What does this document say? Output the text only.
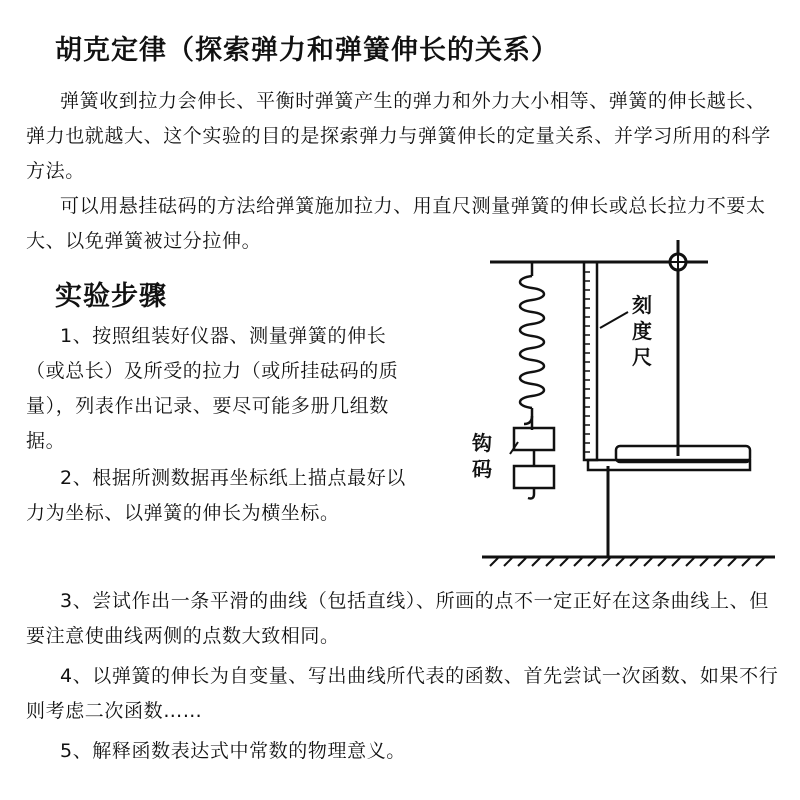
胡克定律（探索弹力和弹簧伸长的关系）

弹簧收到拉力会伸长、平衡时弹簧产生的弹力和外力大小相等、弹簧的伸长越长、弹力也就越大、这个实验的目的是探索弹力与弹簧伸长的定量关系、并学习所用的科学方法。

可以用悬挂砝码的方法给弹簧施加拉力、用直尺测量弹簧的伸长或总长拉力不要太大、以免弹簧被过分拉伸。

实验步骤

1、按照组装好仪器、测量弹簧的伸长（或总长）及所受的拉力（或所挂砝码的质量），列表作出记录、要尽可能多册几组数据。

2、根据所测数据再坐标纸上描点最好以力为坐标、以弹簧的伸长为横坐标。

3、尝试作出一条平滑的曲线（包括直线）、所画的点不一定正好在这条曲线上、但要注意使曲线两侧的点数大致相同。

4、以弹簧的伸长为自变量、写出曲线所代表的函数、首先尝试一次函数、如果不行则考虑二次函数……

5、解释函数表达式中常数的物理意义。

刻
度
尺
钩
码
